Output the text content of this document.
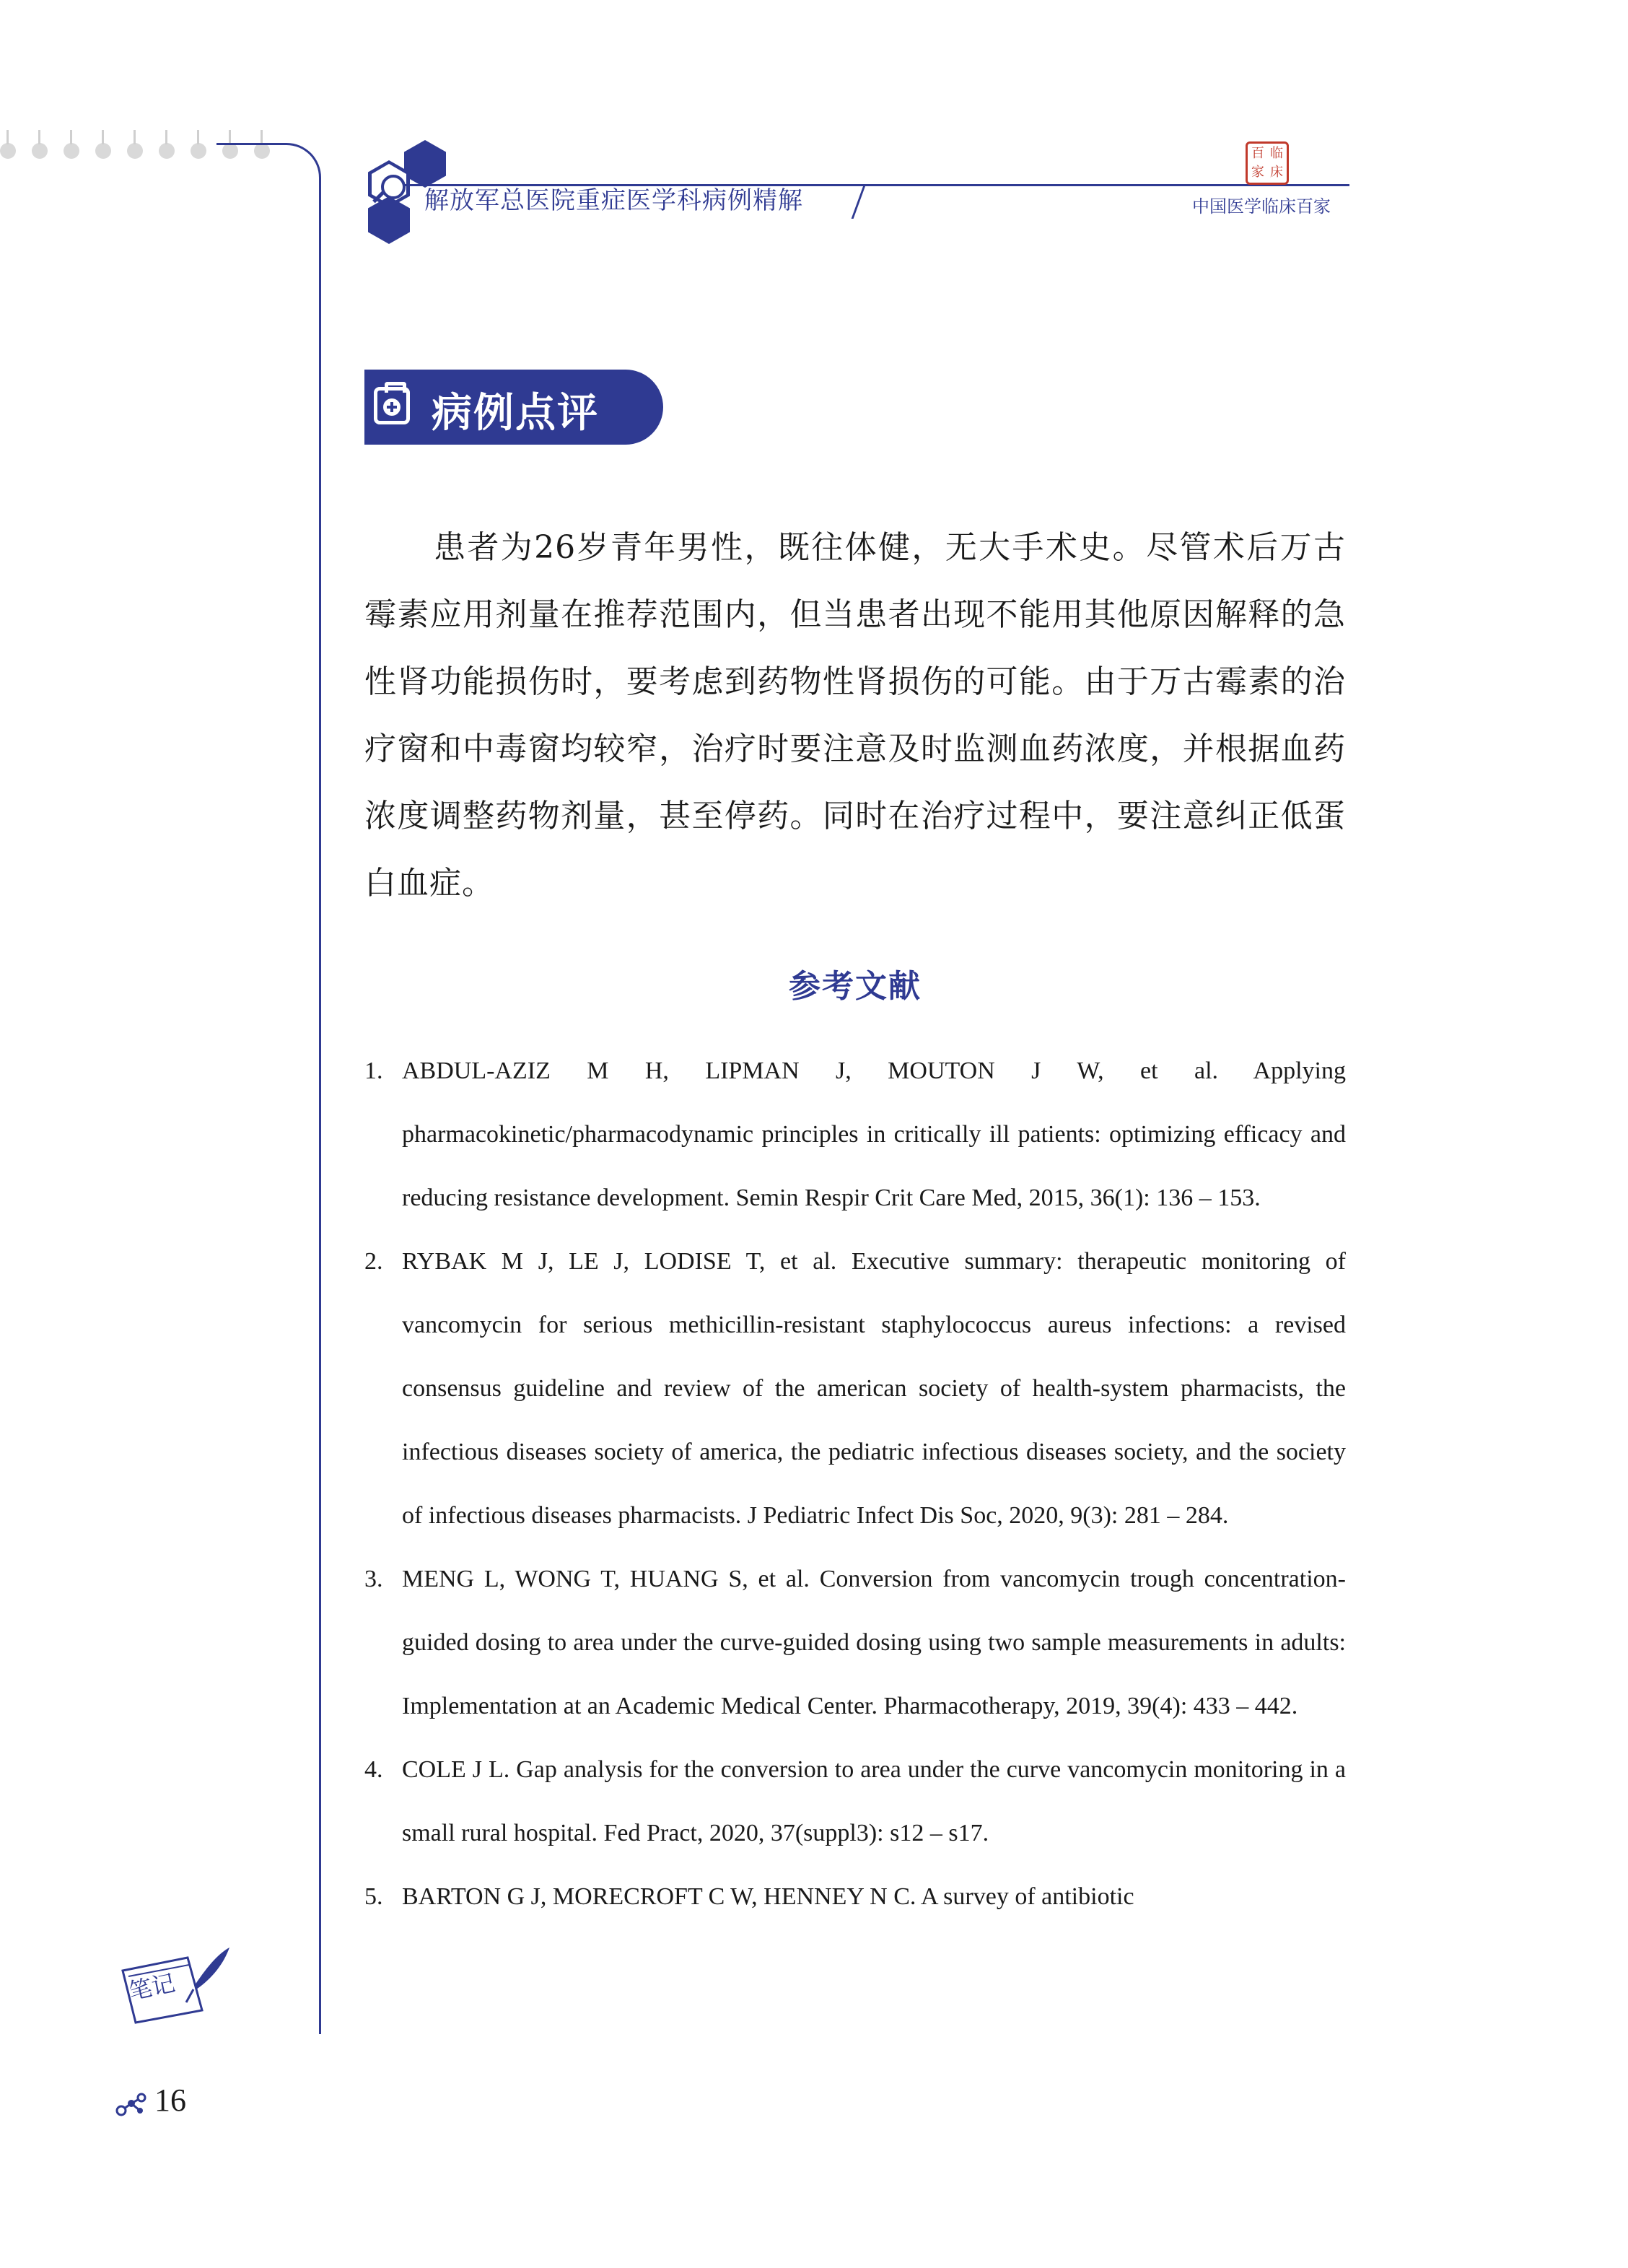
解放军总医院重症医学科病例精解
百 临
家 床
中国医学临床百家
病例点评
患者为26岁青年男性，既往体健，无大手术史。尽管术后万古霉素应用剂量在推荐范围内，但当患者出现不能用其他原因解释的急性肾功能损伤时，要考虑到药物性肾损伤的可能。由于万古霉素的治疗窗和中毒窗均较窄，治疗时要注意及时监测血药浓度，并根据血药浓度调整药物剂量，甚至停药。同时在治疗过程中，要注意纠正低蛋白血症。
参考文献
1. ABDUL-AZIZ M H, LIPMAN J, MOUTON J W, et al. Applying pharmacokinetic/pharmacodynamic principles in critically ill patients: optimizing efficacy and reducing resistance development. Semin Respir Crit Care Med, 2015, 36(1): 136 – 153.
2. RYBAK M J, LE J, LODISE T, et al. Executive summary: therapeutic monitoring of vancomycin for serious methicillin-resistant staphylococcus aureus infections: a revised consensus guideline and review of the american society of health-system pharmacists, the infectious diseases society of america, the pediatric infectious diseases society, and the society of infectious diseases pharmacists. J Pediatric Infect Dis Soc, 2020, 9(3): 281 – 284.
3. MENG L, WONG T, HUANG S, et al. Conversion from vancomycin trough concentration-guided dosing to area under the curve-guided dosing using two sample measurements in adults: Implementation at an Academic Medical Center. Pharmacotherapy, 2019, 39(4): 433 – 442.
4. COLE J L. Gap analysis for the conversion to area under the curve vancomycin monitoring in a small rural hospital. Fed Pract, 2020, 37(suppl3): s12 – s17.
5. BARTON G J, MORECROFT C W, HENNEY N C. A survey of antibiotic
笔记
16
